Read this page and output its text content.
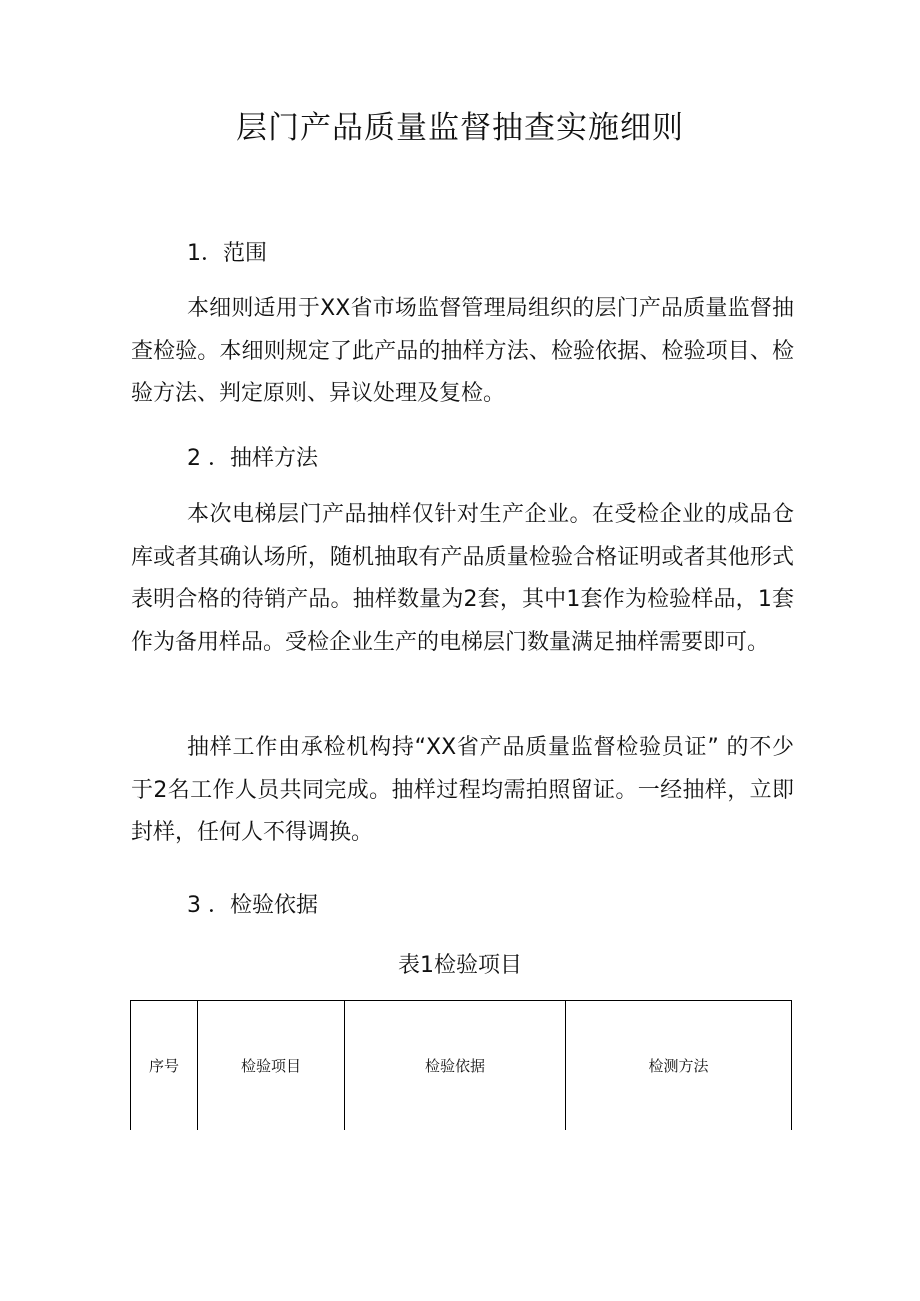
层门产品质量监督抽查实施细则
1．范围

本细则适用于XX省市场监督管理局组织的层门产品质量监督抽查检验。本细则规定了此产品的抽样方法、检验依据、检验项目、检验方法、判定原则、异议处理及复检。

2 ．抽样方法

本次电梯层门产品抽样仅针对生产企业。在受检企业的成品仓库或者其确认场所，随机抽取有产品质量检验合格证明或者其他形式表明合格的待销产品。抽样数量为2套，其中1套作为检验样品，1套作为备用样品。受检企业生产的电梯层门数量满足抽样需要即可。

抽样工作由承检机构持“XX省产品质量监督检验员证” 的不少于2名工作人员共同完成。抽样过程均需拍照留证。一经抽样，立即封样，任何人不得调换。

3 ．检验依据

表1检验项目

序号	检验项目	检验依据	检测方法
